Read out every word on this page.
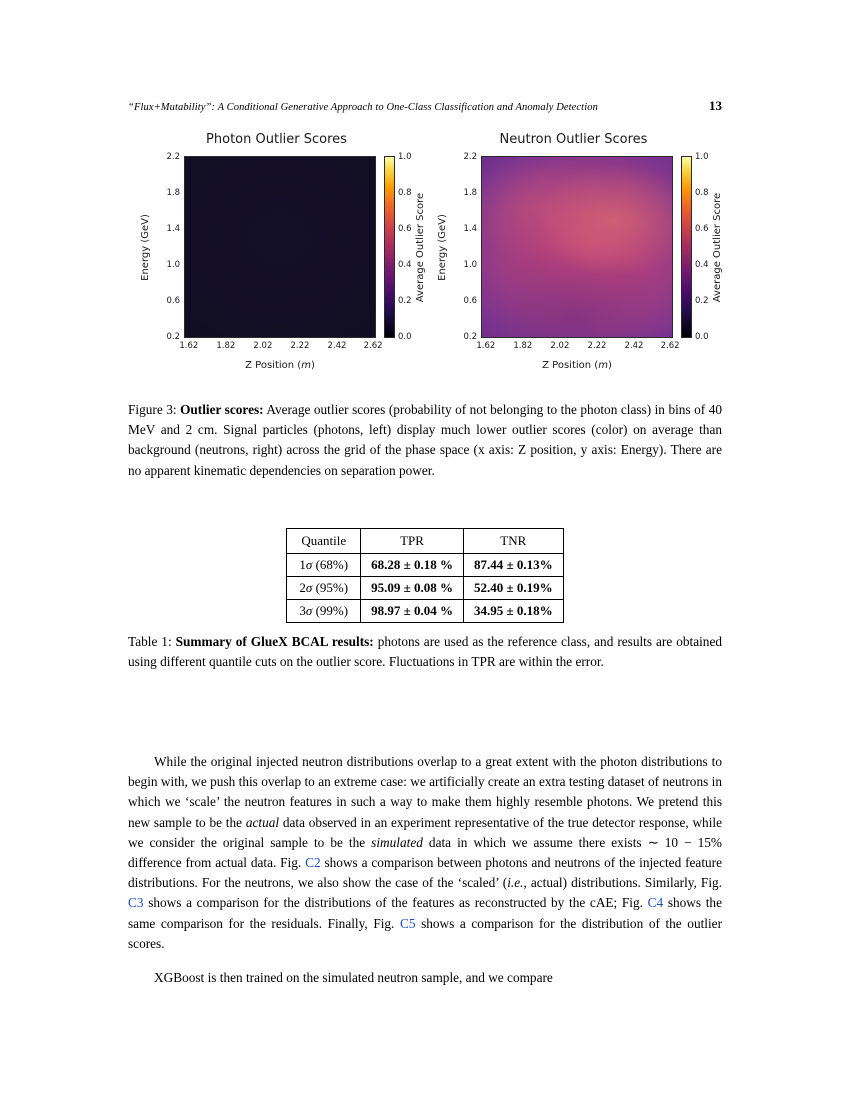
“Flux+Mutability”: A Conditional Generative Approach to One-Class Classification and Anomaly Detection	13
Photon Outlier Scores
Energy (GeV)
0.2
0.6
1.0
1.4
1.8
2.2
1.62 1.82 2.02 2.22 2.42 2.62
Z Position (m)
0.0
0.2
0.4
0.6
0.8
1.0
Average Outlier Score
Neutron Outlier Scores
Energy (GeV)
0.2
0.6
1.0
1.4
1.8
2.2
1.62 1.82 2.02 2.22 2.42 2.62
Z Position (m)
0.0
0.2
0.4
0.6
0.8
1.0
Average Outlier Score
Figure 3: Outlier scores: Average outlier scores (probability of not belonging to the photon class) in bins of 40 MeV and 2 cm. Signal particles (photons, left) display much lower outlier scores (color) on average than background (neutrons, right) across the grid of the phase space (x axis: Z position, y axis: Energy). There are no apparent kinematic dependencies on separation power.
Quantile	TPR	TNR
1σ (68%)	68.28 ± 0.18 %	87.44 ± 0.13%
2σ (95%)	95.09 ± 0.08 %	52.40 ± 0.19%
3σ (99%)	98.97 ± 0.04 %	34.95 ± 0.18%
Table 1: Summary of GlueX BCAL results: photons are used as the reference class, and results are obtained using different quantile cuts on the outlier score. Fluctuations in TPR are within the error.
While the original injected neutron distributions overlap to a great extent with the photon distributions to begin with, we push this overlap to an extreme case: we artificially create an extra testing dataset of neutrons in which we ‘scale’ the neutron features in such a way to make them highly resemble photons. We pretend this new sample to be the actual data observed in an experiment representative of the true detector response, while we consider the original sample to be the simulated data in which we assume there exists ∼ 10 − 15% difference from actual data. Fig. C2 shows a comparison between photons and neutrons of the injected feature distributions. For the neutrons, we also show the case of the ‘scaled’ (i.e., actual) distributions. Similarly, Fig. C3 shows a comparison for the distributions of the features as reconstructed by the cAE; Fig. C4 shows the same comparison for the residuals. Finally, Fig. C5 shows a comparison for the distribution of the outlier scores.
XGBoost is then trained on the simulated neutron sample, and we compare
